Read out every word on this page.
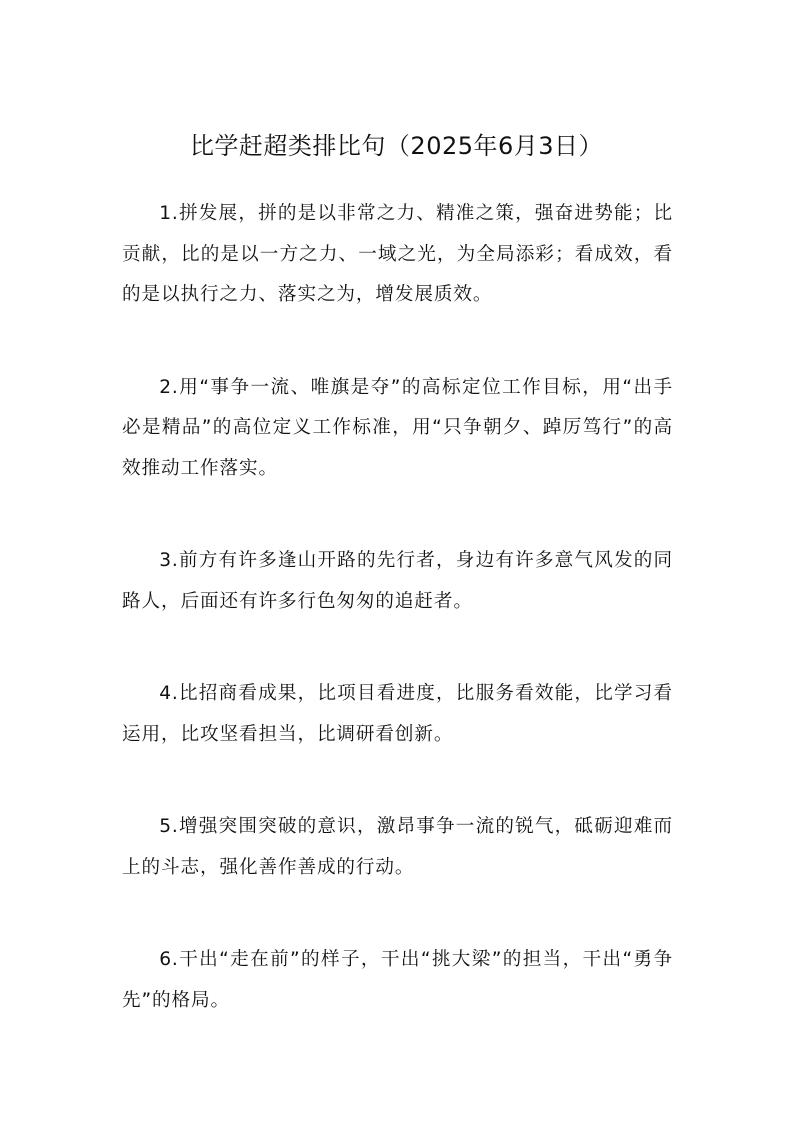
比学赶超类排比句（2025年6月3日）

1.拼发展，拼的是以非常之力、精准之策，强奋进势能；比贡献，比的是以一方之力、一域之光，为全局添彩；看成效，看的是以执行之力、落实之为，增发展质效。

2.用“事争一流、唯旗是夺”的高标定位工作目标，用“出手必是精品”的高位定义工作标准，用“只争朝夕、踔厉笃行”的高效推动工作落实。

3.前方有许多逢山开路的先行者，身边有许多意气风发的同路人，后面还有许多行色匆匆的追赶者。

4.比招商看成果，比项目看进度，比服务看效能，比学习看运用，比攻坚看担当，比调研看创新。

5.增强突围突破的意识，激昂事争一流的锐气，砥砺迎难而上的斗志，强化善作善成的行动。

6.干出“走在前”的样子，干出“挑大梁”的担当，干出“勇争先”的格局。
